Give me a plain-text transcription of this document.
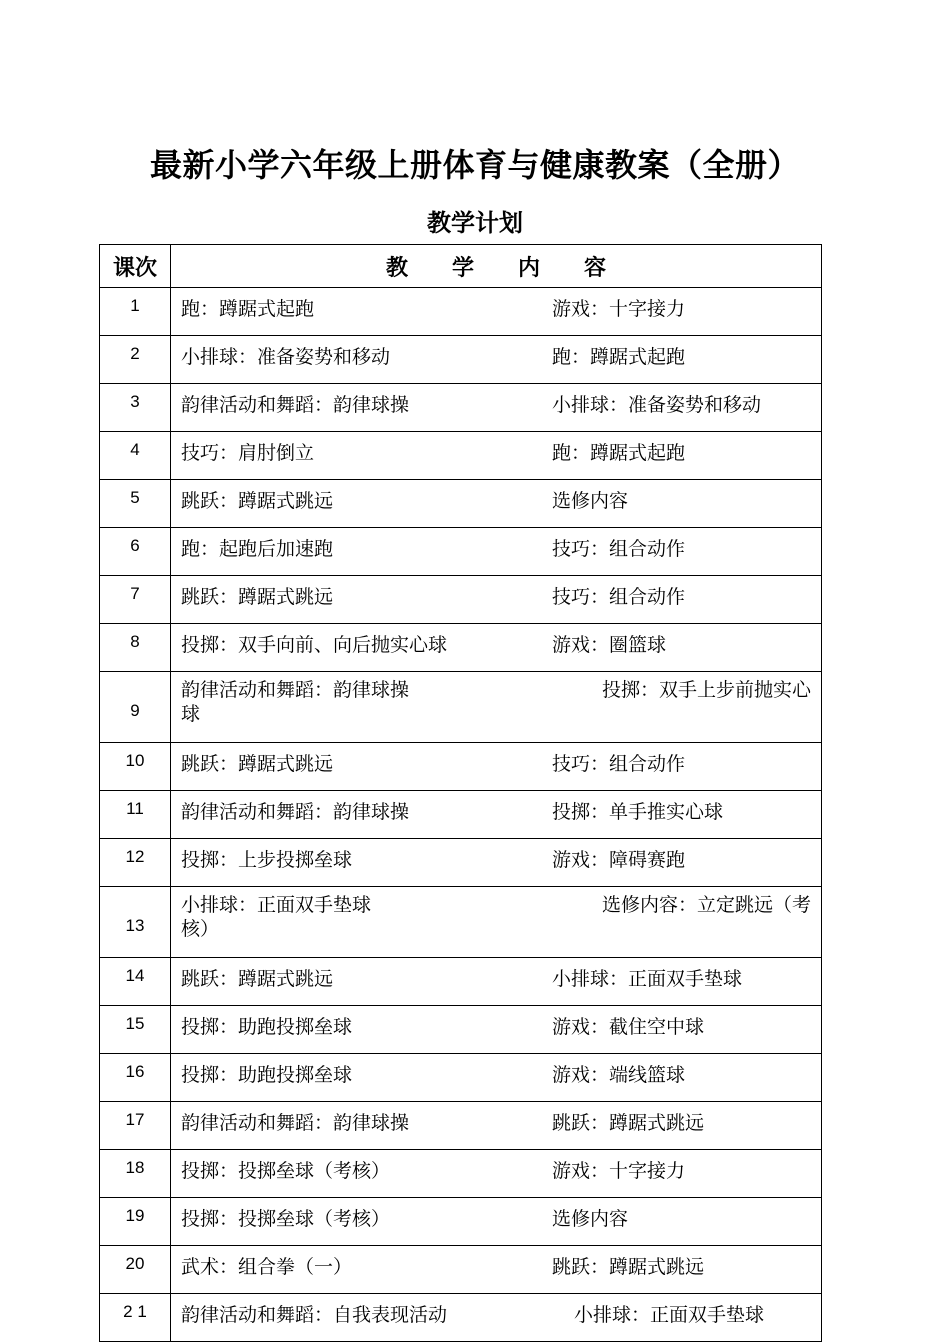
最新小学六年级上册体育与健康教案（全册）
教学计划
课次	教　　学　　内　　容
1	跑：蹲踞式起跑 游戏：十字接力

2	小排球：准备姿势和移动 跑：蹲踞式起跑

3	韵律活动和舞蹈：韵律球操 小排球：准备姿势和移动

4	技巧：肩肘倒立 跑：蹲踞式起跑

5	跳跃：蹲踞式跳远 选修内容

6	跑：起跑后加速跑 技巧：组合动作

7	跳跃：蹲踞式跳远 技巧：组合动作

8	投掷：双手向前、向后抛实心球 游戏：圈篮球

9	韵律活动和舞蹈：韵律球操 投掷：双手上步前抛实心
球

10	跳跃：蹲踞式跳远 技巧：组合动作

11	韵律活动和舞蹈：韵律球操 投掷：单手推实心球

12	投掷：上步投掷垒球 游戏：障碍赛跑

13	小排球：正面双手垫球 选修内容：立定跳远（考
核）

14	跳跃：蹲踞式跳远 小排球：正面双手垫球

15	投掷：助跑投掷垒球 游戏：截住空中球

16	投掷：助跑投掷垒球 游戏：端线篮球

17	韵律活动和舞蹈：韵律球操 跳跃：蹲踞式跳远

18	投掷：投掷垒球（考核） 游戏：十字接力

19	投掷：投掷垒球（考核） 选修内容

20	武术：组合拳（一） 跳跃：蹲踞式跳远

2 1	韵律活动和舞蹈：自我表现活动 小排球：正面双手垫球
